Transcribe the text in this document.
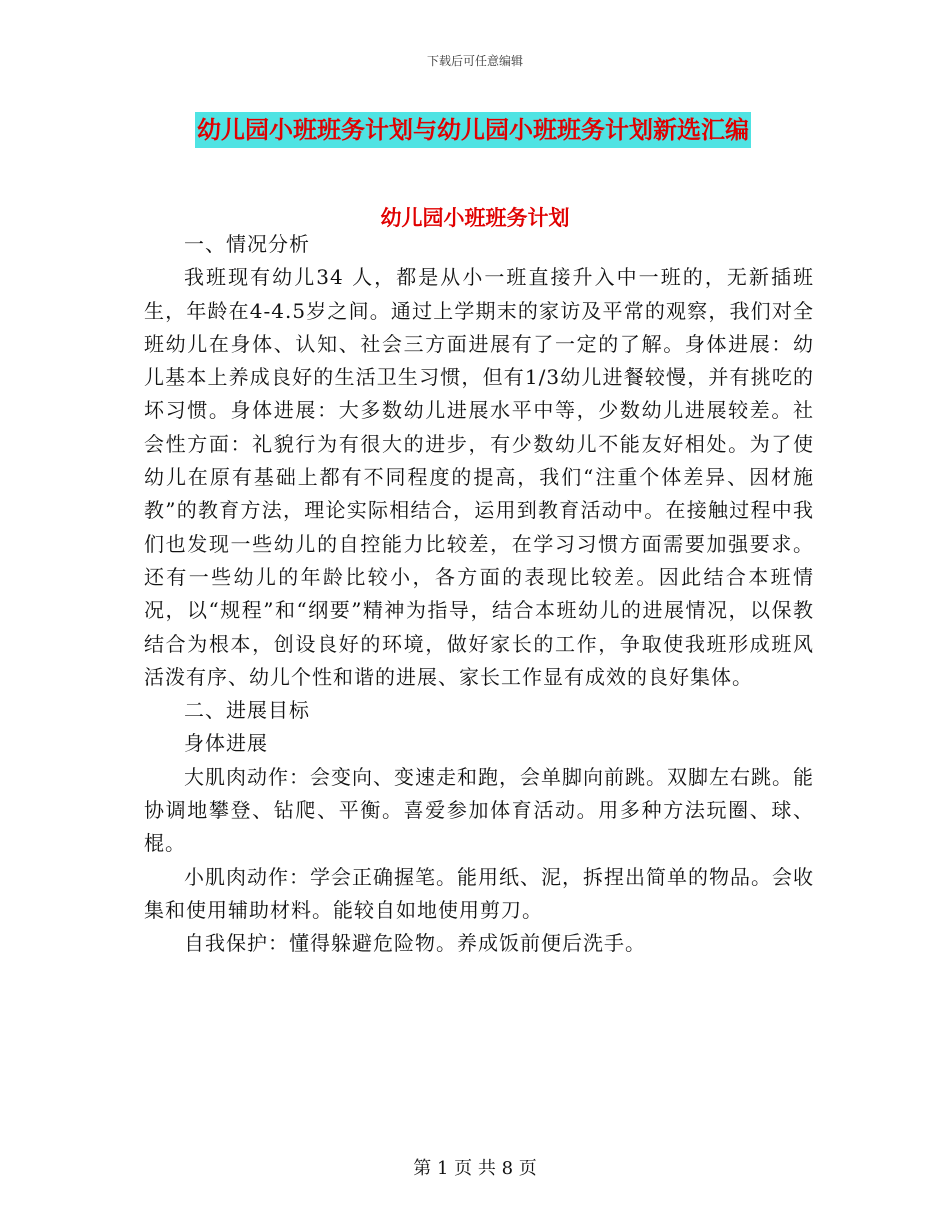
下载后可任意编辑
幼儿园小班班务计划与幼儿园小班班务计划新选汇编
幼儿园小班班务计划

一、情况分析

我班现有幼儿34 人，都是从小一班直接升入中一班的，无新插班生，年龄在4-4.5岁之间。通过上学期末的家访及平常的观察，我们对全班幼儿在身体、认知、社会三方面进展有了一定的了解。身体进展：幼儿基本上养成良好的生活卫生习惯，但有1/3幼儿进餐较慢，并有挑吃的坏习惯。身体进展：大多数幼儿进展水平中等，少数幼儿进展较差。社会性方面：礼貌行为有很大的进步，有少数幼儿不能友好相处。为了使幼儿在原有基础上都有不同程度的提高，我们“注重个体差异、因材施教”的教育方法，理论实际相结合，运用到教育活动中。在接触过程中我们也发现一些幼儿的自控能力比较差，在学习习惯方面需要加强要求。还有一些幼儿的年龄比较小，各方面的表现比较差。因此结合本班情况，以“规程”和“纲要”精神为指导，结合本班幼儿的进展情况，以保教结合为根本，创设良好的环境，做好家长的工作，争取使我班形成班风活泼有序、幼儿个性和谐的进展、家长工作显有成效的良好集体。

二、进展目标

身体进展

大肌肉动作：会变向、变速走和跑，会单脚向前跳。双脚左右跳。能协调地攀登、钻爬、平衡。喜爱参加体育活动。用多种方法玩圈、球、棍。

小肌肉动作：学会正确握笔。能用纸、泥，拆捏出简单的物品。会收集和使用辅助材料。能较自如地使用剪刀。

自我保护：懂得躲避危险物。养成饭前便后洗手。

第 1 页 共 8 页
